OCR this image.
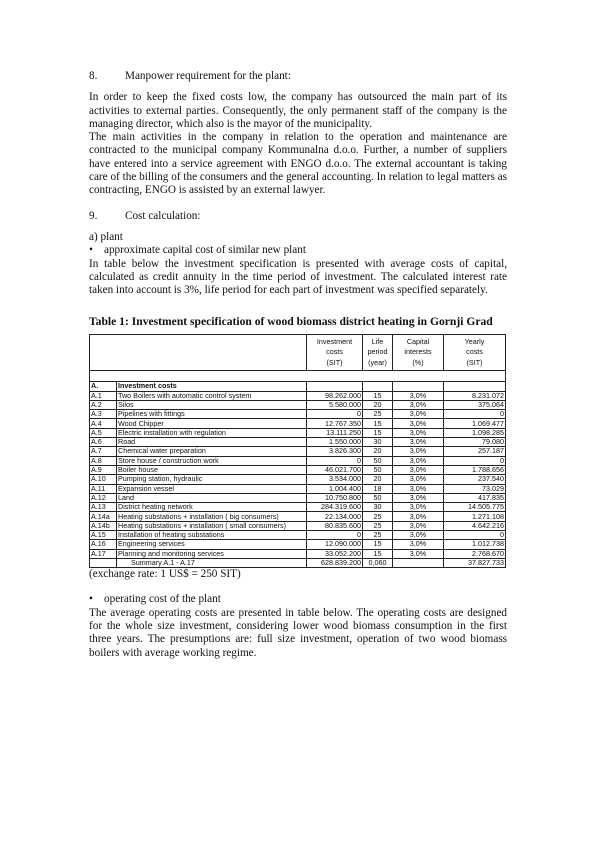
8. Manpower requirement for the plant:

In order to keep the fixed costs low, the company has outsourced the main part of its activities to external parties. Consequently, the only permanent staff of the company is the managing director, which also is the mayor of the municipality.

The main activities in the company in relation to the operation and maintenance are contracted to the municipal company Kommunalna d.o.o. Further, a number of suppliers have entered into a service agreement with ENGO d.o.o. The external accountant is taking care of the billing of the consumers and the general accounting. In relation to legal matters as contracting, ENGO is assisted by an external lawyer.

9. Cost calculation:

a) plant

• approximate capital cost of similar new plant

In table below the investment specification is presented with average costs of capital, calculated as credit annuity in the time period of investment. The calculated interest rate taken into account is 3%, life period for each part of investment was specified separately.

Table 1: Investment specification of wood biomass district heating in Gornji Grad

		Investment
costs
(SIT)	Life
period
(year)	Capital
interests
(%)	Yearly
costs
(SIT)

A.	Investment costs				
A.1	Two Boilers with automatic control system	98.262.000	15	3,0%	8.231.072
A.2	Silos	5.580.000	20	3,0%	375.064
A.3	Pipelines with fittings	0	25	3,0%	0
A.4	Wood Chipper	12.767.350	15	3,0%	1.069.477
A.5	Electric installation with regulation	13.111.250	15	3,0%	1.098.285
A.6	Road	1.550.000	30	3,0%	79.080
A.7	Chemical water preparation	3.826.300	20	3,0%	257.187
A.8	Store house / construction work	0	50	3,0%	0
A.9	Boiler house	46.021.700	50	3,0%	1.788.656
A.10	Pumping station, hydraulic	3.534.000	20	3,0%	237.540
A.11	Expansion vessel	1.004.400	18	3,0%	73.029
A.12	Land	10.750.800	50	3,0%	417.835
A.13	District heating network	284.319.600	30	3,0%	14.505.775
A.14a	Heating substations + installation ( big consumers)	22.134.000	25	3,0%	1.271.108
A.14b	Heating substations + installation ( small consumers)	80.835.600	25	3,0%	4.642.216
A.15	Installation of heating substations	0	25	3,0%	0
A.16	Engineering services	12.090.000	15	3,0%	1.012.738
A.17	Planning and monitoring services	33.052.200	15	3,0%	2.768.670
	Summary A.1 - A.17	628.839.200	0,060		37.827.733

(exchange rate: 1 US$ = 250 SIT)

• operating cost of the plant

The average operating costs are presented in table below. The operating costs are designed for the whole size investment, considering lower wood biomass consumption in the first three years. The presumptions are: full size investment, operation of two wood biomass boilers with average working regime.
